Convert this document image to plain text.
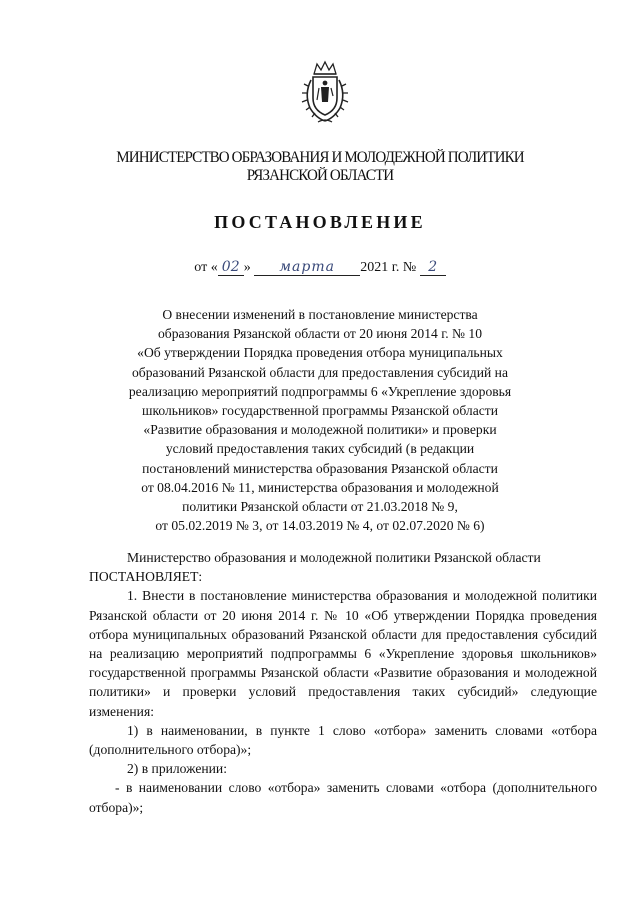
МИНИСТЕРСТВО ОБРАЗОВАНИЯ И МОЛОДЕЖНОЙ ПОЛИТИКИ
РЯЗАНСКОЙ ОБЛАСТИ
ПОСТАНОВЛЕНИЕ
от « 02 » марта 2021 г. № 2
О внесении изменений в постановление министерства
образования Рязанской области от 20 июня 2014 г. № 10
«Об утверждении Порядка проведения отбора муниципальных
образований Рязанской области для предоставления субсидий на
реализацию мероприятий подпрограммы 6 «Укрепление здоровья
школьников» государственной программы Рязанской области
«Развитие образования и молодежной политики» и проверки
условий предоставления таких субсидий (в редакции
постановлений министерства образования Рязанской области
от 08.04.2016 № 11, министерства образования и молодежной
политики Рязанской области от 21.03.2018 № 9,
от 05.02.2019 № 3, от 14.03.2019 № 4, от 02.07.2020 № 6)

Министерство образования и молодежной политики Рязанской области

ПОСТАНОВЛЯЕТ:

1. Внести в постановление министерства образования и молодежной политики Рязанской области от 20 июня 2014 г. № 10 «Об утверждении Порядка проведения отбора муниципальных образований Рязанской области для предоставления субсидий на реализацию мероприятий подпрограммы 6 «Укрепление здоровья школьников» государственной программы Рязанской области «Развитие образования и молодежной политики» и проверки условий предоставления таких субсидий» следующие изменения:

1) в наименовании, в пункте 1 слово «отбора» заменить словами «отбора (дополнительного отбора)»;

2) в приложении:

- в наименовании слово «отбора» заменить словами «отбора (дополнительного отбора)»;
